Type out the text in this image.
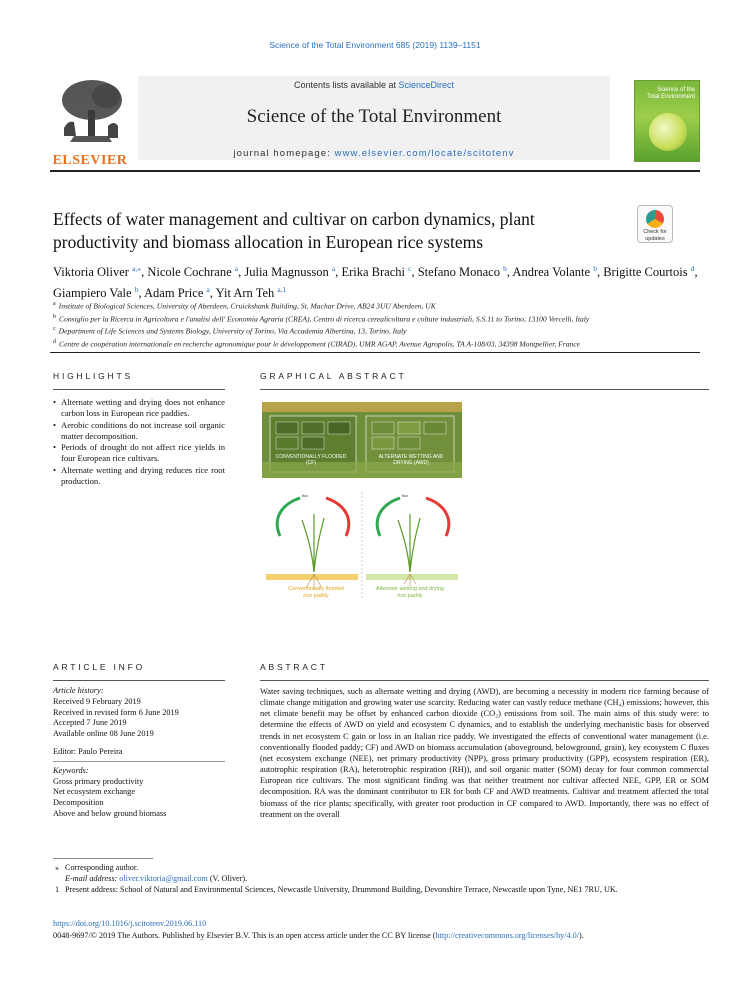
Science of the Total Environment 685 (2019) 1139–1151
ELSEVIER
Contents lists available at ScienceDirect
Science of the Total Environment
journal homepage: www.elsevier.com/locate/scitotenv
Science of the
Total Environment
Effects of water management and cultivar on carbon dynamics, plant productivity and biomass allocation in European rice systems	Check for
updates
Viktoria Oliver $^{a,⁎}$, Nicole Cochrane $^a$, Julia Magnusson $^a$, Erika Brachi $^c$, Stefano Monaco $^b$, Andrea Volante $^b$, Brigitte Courtois $^d$, Giampiero Vale $^b$, Adam Price $^a$, Yit Arn Teh $^{a,1}$
$^a$ Institute of Biological Sciences, University of Aberdeen, Cruickshank Building, St. Machar Drive, AB24 3UU Aberdeen, UK
$^b$ Consiglio per la Ricerca in Agricoltura e l'analisi dell' Economia Agraria (CREA), Centro di ricerca cerealicoltura e colture industriali, S.S.11 to Torino, 13100 Vercelli, Italy
$^c$ Department of Life Sciences and Systems Biology, University of Torino, Via Accademia Albertina, 13, Torino, Italy
$^d$ Centre de coopération internationale en recherche agronomique pour le développement (CIRAD), UMR AGAP, Avenue Agropolis, TA A-108/03, 34398 Montpellier, France
HIGHLIGHTS	GRAPHICAL ABSTRACT
• Alternate wetting and drying does not enhance carbon loss in European rice paddies.
• Aerobic conditions do not increase soil organic matter decomposition.
• Periods of drought do not affect rice yields in four European rice cultivars.
• Alternate wetting and drying reduces rice root production.
flux	flux
CONVENTIONALLY FLOODED (CF)
ALTERNATE WETTING AND DRYING (AWD)
Conventionally flooded rice paddy
Alternate wetting and drying rice paddy
ARTICLE INFO	ABSTRACT
Article history:
Received 9 February 2019
Received in revised form 6 June 2019
Accepted 7 June 2019
Available online 08 June 2019
Editor: Paulo Pereira
Keywords:
Gross primary productivity
Net ecosystem exchange
Decomposition
Above and below ground biomass
Water saving techniques, such as alternate wetting and drying (AWD), are becoming a necessity in modern rice farming because of climate change mitigation and growing water use scarcity. Reducing water can vastly reduce methane (CH₄) emissions; however, this net climate benefit may be offset by enhanced carbon dioxide (CO₂) emissions from soil. The main aims of this study were: to determine the effects of AWD on yield and ecosystem C dynamics, and to establish the underlying mechanistic basis for observed trends in net ecosystem C gain or loss in an Italian rice paddy. We investigated the effects of conventional water management (i.e. conventionally flooded paddy; CF) and AWD on biomass accumulation (aboveground, belowground, grain), key ecosystem C fluxes (net ecosystem exchange (NEE), net primary productivity (NPP), gross primary productivity (GPP), ecosystem respiration (ER), autotrophic respiration (RA), heterotrophic respiration (RH)), and soil organic matter (SOM) decay for four common commercial European rice cultivars. The most significant finding was that neither treatment nor cultivar affected NEE, GPP, ER or SOM decomposition. RA was the dominant contributor to ER for both CF and AWD treatments. Cultivar and treatment affected the total biomass of the rice plants; specifically, with greater root production in CF compared to AWD. Importantly, there was no effect of treatment on the overall
⁎ Corresponding author.
E-mail address: oliver.viktoria@gmail.com (V. Oliver).
1 Present address: School of Natural and Environmental Sciences, Newcastle University, Drummond Building, Devonshire Terrace, Newcastle upon Tyne, NE1 7RU, UK.
https://doi.org/10.1016/j.scitotenv.2019.06.110
0048-9697/© 2019 The Authors. Published by Elsevier B.V. This is an open access article under the CC BY license (http://creativecommons.org/licenses/by/4.0/).
